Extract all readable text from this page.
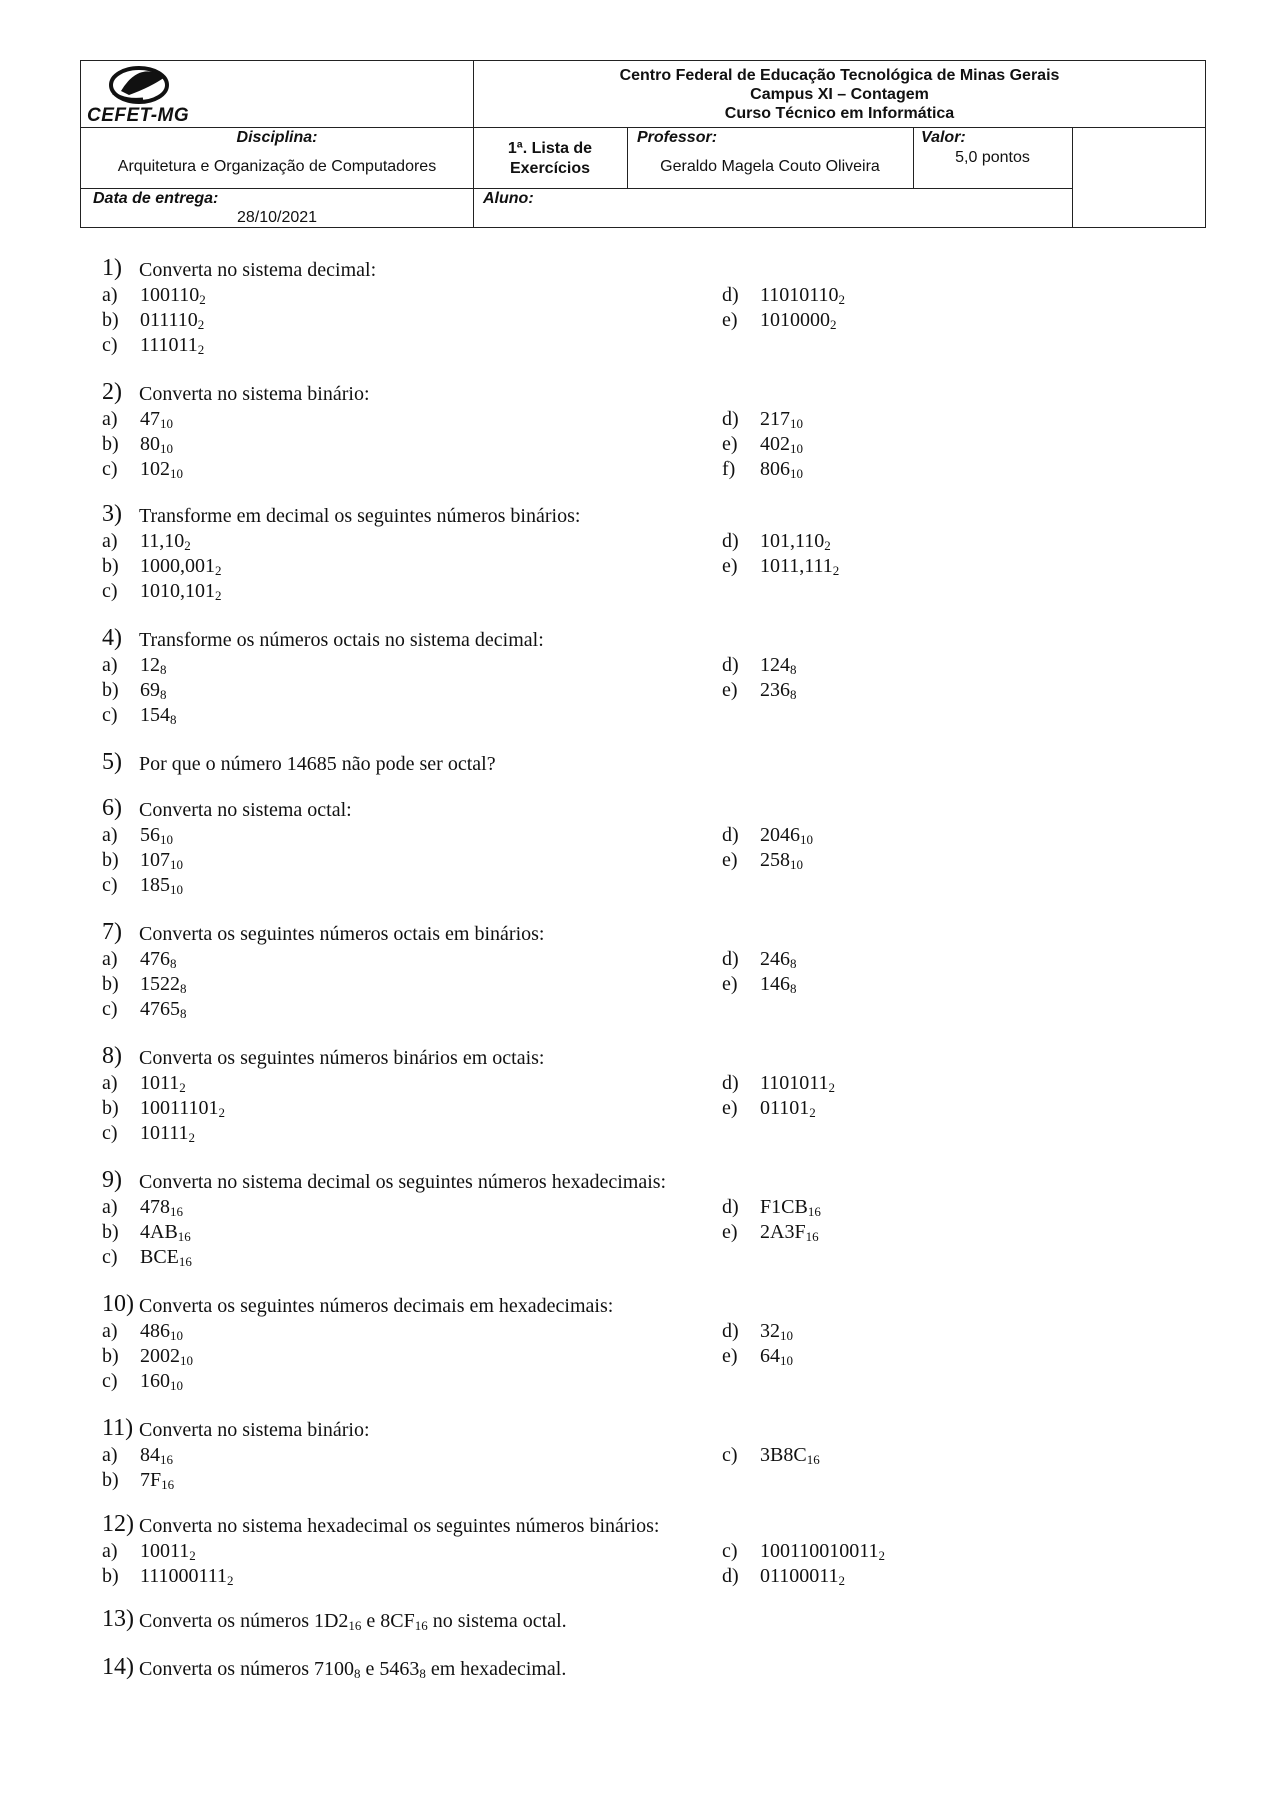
CEFET-MG
Centro Federal de Educação Tecnológica de Minas Gerais
Campus XI – Contagem
Curso Técnico em Informática
Disciplina:
Arquitetura e Organização de Computadores
1ª. Lista de
Exercícios
Professor:
Geraldo Magela Couto Oliveira
Valor:
5,0 pontos
Data de entrega:
28/10/2021
Aluno:
1) Converta no sistema decimal:
a) $100110_2$
b) $011110_2$
c) $111011_2$
d) $11010110_2$
e) $1010000_2$
2) Converta no sistema binário:
a) $47_{10}$
b) $80_{10}$
c) $102_{10}$
d) $217_{10}$
e) $402_{10}$
f) $806_{10}$
3) Transforme em decimal os seguintes números binários:
a) $11,10_2$
b) $1000,001_2$
c) $1010,101_2$
d) $101,110_2$
e) $1011,111_2$
4) Transforme os números octais no sistema decimal:
a) $12_8$
b) $69_8$
c) $154_8$
d) $124_8$
e) $236_8$
5) Por que o número 14685 não pode ser octal?
6) Converta no sistema octal:
a) $56_{10}$
b) $107_{10}$
c) $185_{10}$
d) $2046_{10}$
e) $258_{10}$
7) Converta os seguintes números octais em binários:
a) $476_8$
b) $1522_8$
c) $4765_8$
d) $246_8$
e) $146_8$
8) Converta os seguintes números binários em octais:
a) $1011_2$
b) $10011101_2$
c) $10111_2$
d) $1101011_2$
e) $01101_2$
9) Converta no sistema decimal os seguintes números hexadecimais:
a) $478_{16}$
b) $4AB_{16}$
c) $BCE_{16}$
d) $F1CB_{16}$
e) $2A3F_{16}$
10) Converta os seguintes números decimais em hexadecimais:
a) $486_{10}$
b) $2002_{10}$
c) $160_{10}$
d) $32_{10}$
e) $64_{10}$
11) Converta no sistema binário:
a) $84_{16}$
b) $7F_{16}$
c) $3B8C_{16}$
12) Converta no sistema hexadecimal os seguintes números binários:
a) $10011_2$
b) $111000111_2$
c) $100110010011_2$
d) $01100011_2$
13) Converta os números $1D2_{16}$ e $8CF_{16}$ no sistema octal.
14) Converta os números $7100_8$ e $5463_8$ em hexadecimal.
